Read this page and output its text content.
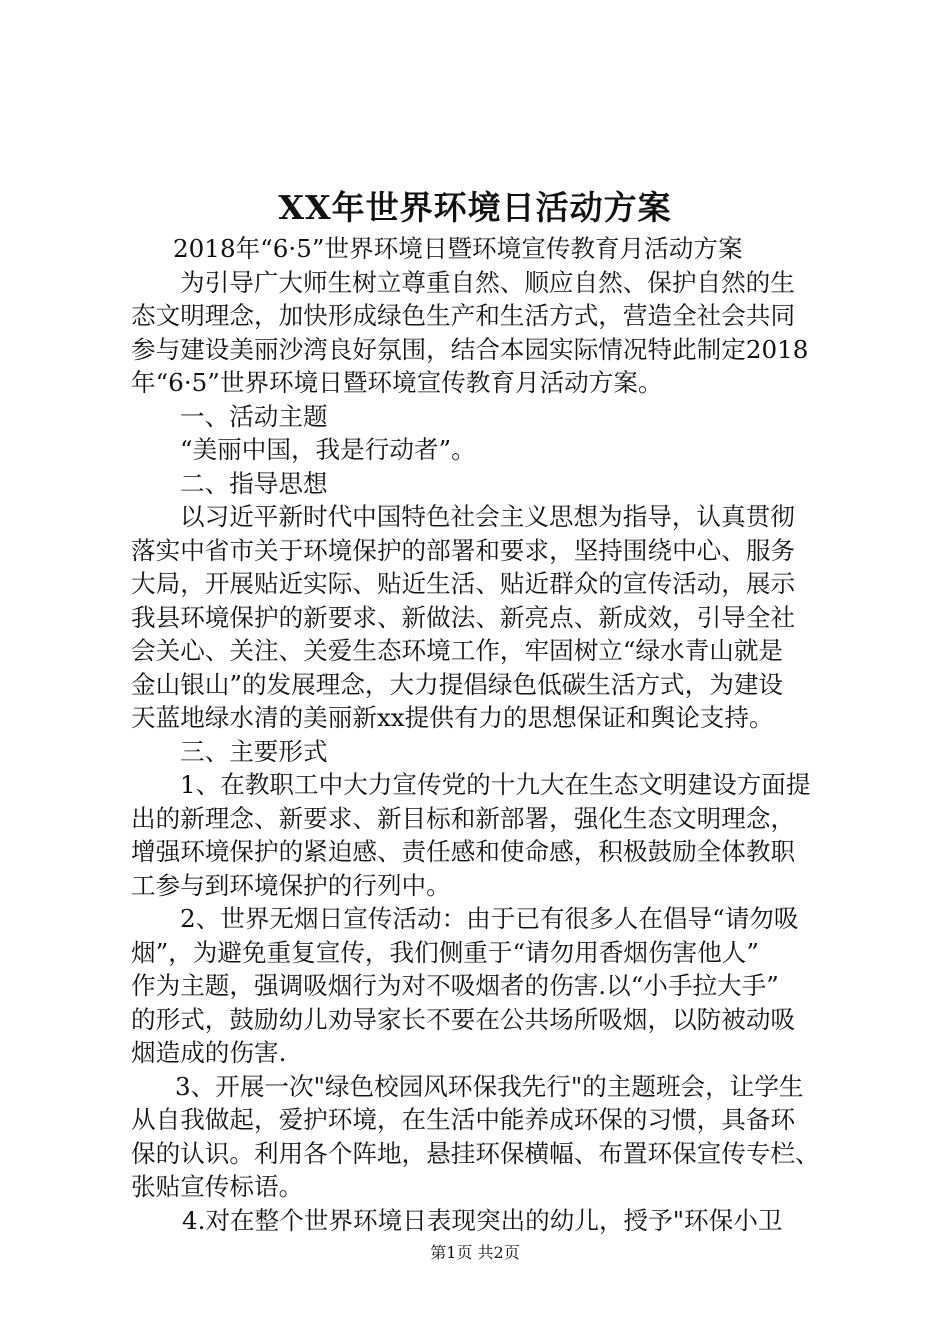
XX年世界环境日活动方案

2018年“6·5”世界环境日暨环境宣传教育月活动方案

为引导广大师生树立尊重自然、顺应自然、保护自然的生

态文明理念，加快形成绿色生产和生活方式，营造全社会共同

参与建设美丽沙湾良好氛围，结合本园实际情况特此制定2018

年“6·5”世界环境日暨环境宣传教育月活动方案。

一、活动主题

“美丽中国，我是行动者”。

二、指导思想

以习近平新时代中国特色社会主义思想为指导，认真贯彻

落实中省市关于环境保护的部署和要求，坚持围绕中心、服务

大局，开展贴近实际、贴近生活、贴近群众的宣传活动，展示

我县环境保护的新要求、新做法、新亮点、新成效，引导全社

会关心、关注、关爱生态环境工作，牢固树立“绿水青山就是

金山银山”的发展理念，大力提倡绿色低碳生活方式，为建设

天蓝地绿水清的美丽新xx提供有力的思想保证和舆论支持。

三、主要形式

1、在教职工中大力宣传党的十九大在生态文明建设方面提

出的新理念、新要求、新目标和新部署，强化生态文明理念，

增强环境保护的紧迫感、责任感和使命感，积极鼓励全体教职

工参与到环境保护的行列中。

2、世界无烟日宣传活动：由于已有很多人在倡导“请勿吸

烟”，为避免重复宣传，我们侧重于“请勿用香烟伤害他人”

作为主题，强调吸烟行为对不吸烟者的伤害.以“小手拉大手”

的形式，鼓励幼儿劝导家长不要在公共场所吸烟，以防被动吸

烟造成的伤害.

3、开展一次"绿色校园风环保我先行"的主题班会，让学生

从自我做起，爱护环境，在生活中能养成环保的习惯，具备环

保的认识。利用各个阵地，悬挂环保横幅、布置环保宣传专栏、

张贴宣传标语。

4.对在整个世界环境日表现突出的幼儿，授予"环保小卫

第1页 共2页
